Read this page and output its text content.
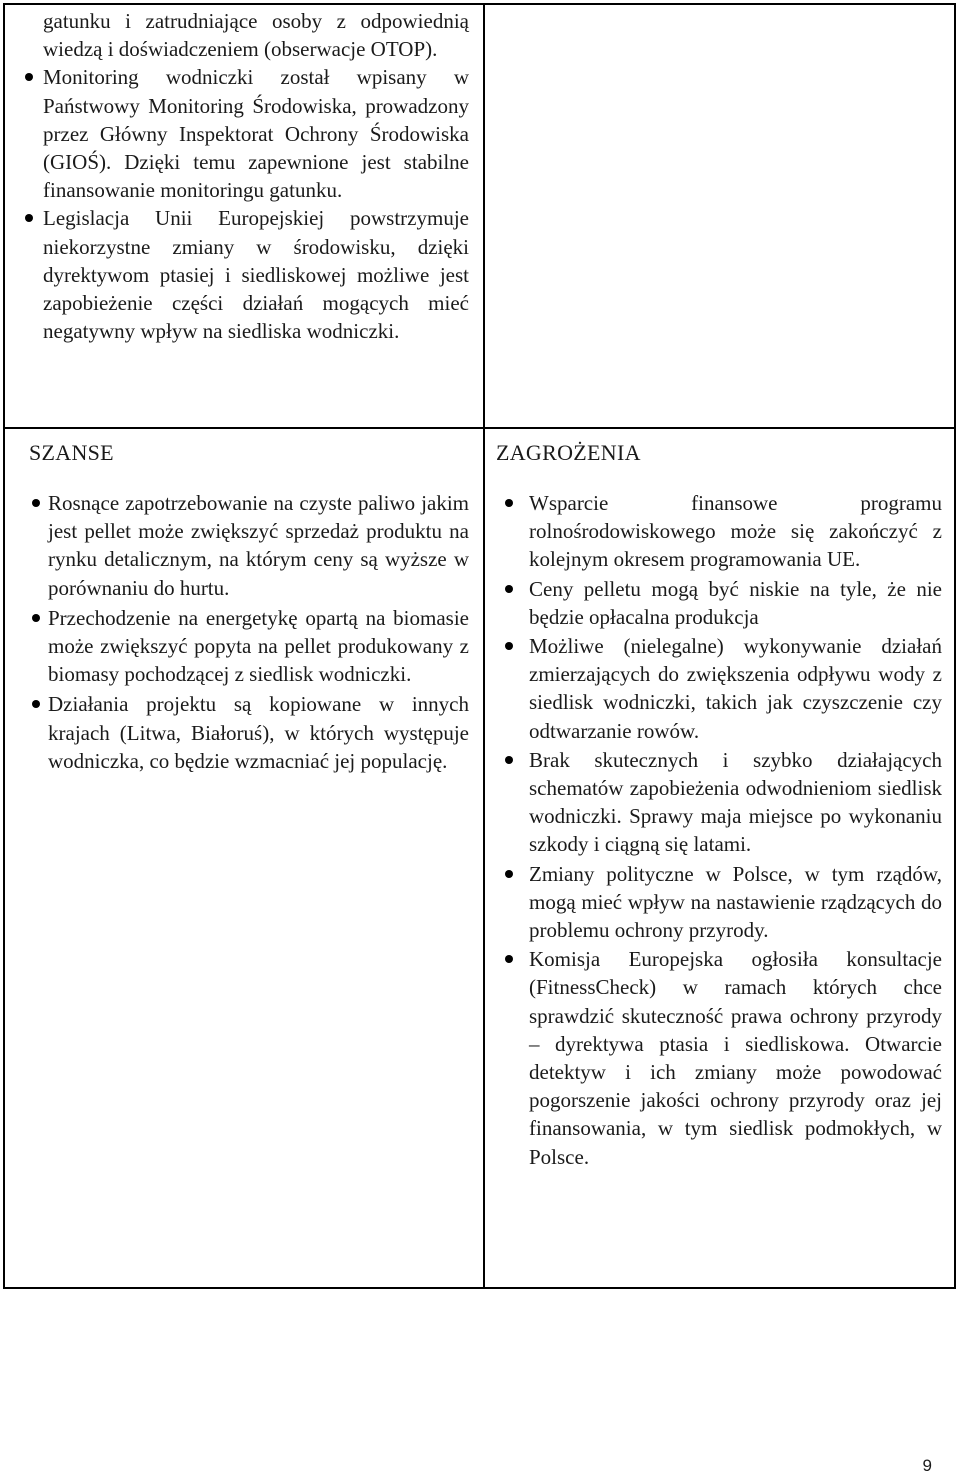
gatunku i zatrudniające osoby z odpowiednią wiedzą i doświadczeniem (obserwacje OTOP).

Monitoring wodniczki został wpisany w Państwowy Monitoring Środowiska, prowadzony przez Główny Inspektorat Ochrony Środowiska (GIOŚ). Dzięki temu zapewnione jest stabilne finansowanie monitoringu gatunku.
Legislacja Unii Europejskiej powstrzymuje niekorzystne zmiany w środowisku, dzięki dyrektywom ptasiej i siedliskowej możliwe jest zapobieżenie części działań mogących mieć negatywny wpływ na siedliska wodniczki.

SZANSE

Rosnące zapotrzebowanie na czyste paliwo jakim jest pellet może zwiększyć sprzedaż produktu na rynku detalicznym, na którym ceny są wyższe w porównaniu do hurtu.
Przechodzenie na energetykę opartą na biomasie może zwiększyć popyta na pellet produkowany z biomasy pochodzącej z siedlisk wodniczki.
Działania projektu są kopiowane w innych krajach (Litwa, Białoruś), w których występuje wodniczka, co będzie wzmacniać jej populację.

ZAGROŻENIA

Wsparcie finansowe programu rolnośrodowiskowego może się zakończyć z kolejnym okresem programowania UE.
Ceny pelletu mogą być niskie na tyle, że nie będzie opłacalna produkcja
Możliwe (nielegalne) wykonywanie działań zmierzających do zwiększenia odpływu wody z siedlisk wodniczki, takich jak czyszczenie czy odtwarzanie rowów.
Brak skutecznych i szybko działających schematów zapobieżenia odwodnieniom siedlisk wodniczki. Sprawy maja miejsce po wykonaniu szkody i ciągną się latami.
Zmiany polityczne w Polsce, w tym rządów, mogą mieć wpływ na nastawienie rządzących do problemu ochrony przyrody.
Komisja Europejska ogłosiła konsultacje (FitnessCheck) w ramach których chce sprawdzić skuteczność prawa ochrony przyrody – dyrektywa ptasia i siedliskowa. Otwarcie detektyw i ich zmiany może powodować pogorszenie jakości ochrony przyrody oraz jej finansowania, w tym siedlisk podmokłych, w Polsce.
9
